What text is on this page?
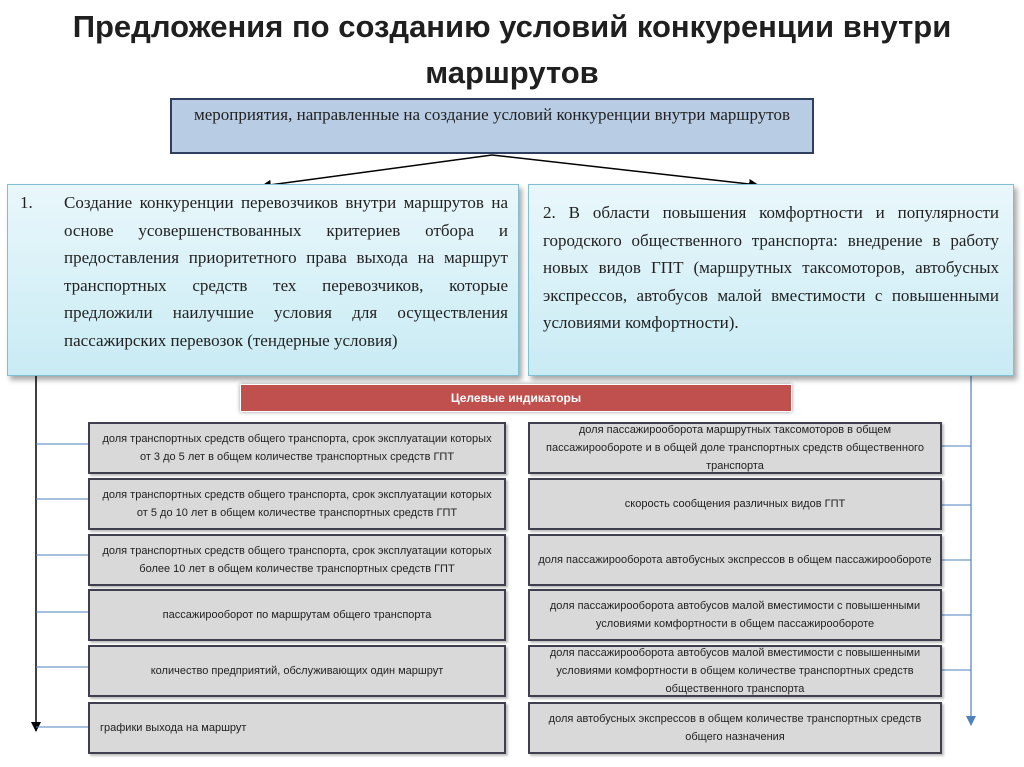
Предложения по созданию условий конкуренции внутри маршрутов
мероприятия, направленные на создание условий конкуренции внутри маршрутов
1. Создание конкуренции перевозчиков внутри маршрутов на основе усовершенствованных критериев отбора и предоставления приоритетного права выхода на маршрут транспортных средств тех перевозчиков, которые предложили наилучшие условия для осуществления пассажирских перевозок (тендерные условия)
2. В области повышения комфортности и популярности городского общественного транспорта: внедрение в работу новых видов ГПТ (маршрутных таксомоторов, автобусных экспрессов, автобусов малой вместимости с повышенными условиями комфортности).
Целевые индикаторы
доля транспортных средств общего транспорта, срок эксплуатации которых от 3 до 5 лет в общем количестве транспортных средств ГПТ
доля транспортных средств общего транспорта, срок эксплуатации которых от 5 до 10 лет в общем количестве транспортных средств ГПТ
доля транспортных средств общего транспорта, срок эксплуатации которых более 10 лет в общем количестве транспортных средств ГПТ
пассажирооборот по маршрутам общего транспорта
количество предприятий, обслуживающих один маршрут
графики выхода на маршрут
доля пассажирооборота маршрутных таксомоторов в общем пассажирообороте и в общей доле транспортных средств общественного транспорта
скорость сообщения различных видов ГПТ
доля пассажирооборота автобусных экспрессов в общем пассажирообороте
доля пассажирооборота автобусов малой вместимости с повышенными условиями комфортности в общем пассажирообороте
доля пассажирооборота автобусов малой вместимости с повышенными условиями комфортности в общем количестве транспортных средств общественного транспорта
доля автобусных экспрессов в общем количестве транспортных средств общего назначения
